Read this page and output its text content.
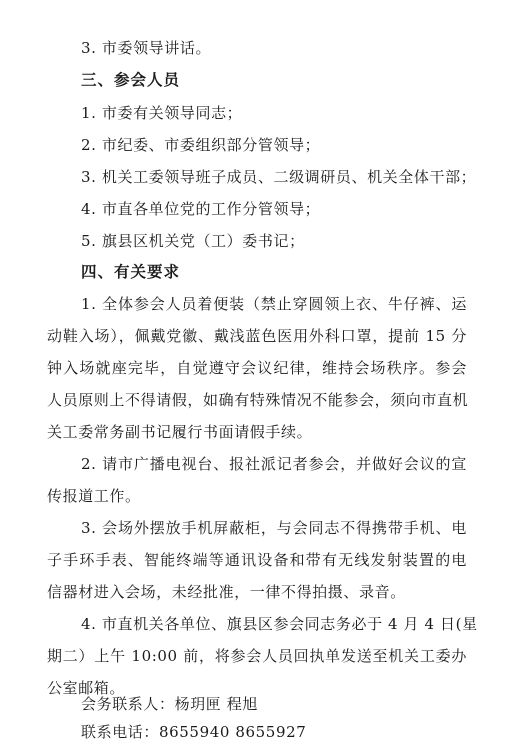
3. 市委领导讲话。
三、参会人员
1. 市委有关领导同志；
2. 市纪委、市委组织部分管领导；
3. 机关工委领导班子成员、二级调研员、机关全体干部；
4. 市直各单位党的工作分管领导；
5. 旗县区机关党（工）委书记；
四、有关要求
1. 全体参会人员着便装（禁止穿圆领上衣、牛仔裤、运
动鞋入场），佩戴党徽、戴浅蓝色医用外科口罩，提前 15 分
钟入场就座完毕，自觉遵守会议纪律，维持会场秩序。参会
人员原则上不得请假，如确有特殊情况不能参会，须向市直机
关工委常务副书记履行书面请假手续。
2. 请市广播电视台、报社派记者参会，并做好会议的宣
传报道工作。
3. 会场外摆放手机屏蔽柜，与会同志不得携带手机、电
子手环手表、智能终端等通讯设备和带有无线发射装置的电
信器材进入会场，未经批准，一律不得拍摄、录音。
4. 市直机关各单位、旗县区参会同志务必于 4 月 4 日(星
期二）上午 10:00 前，将参会人员回执单发送至机关工委办
公室邮箱。
会务联系人：杨玥匣 程旭
联系电话：8655940 8655927
